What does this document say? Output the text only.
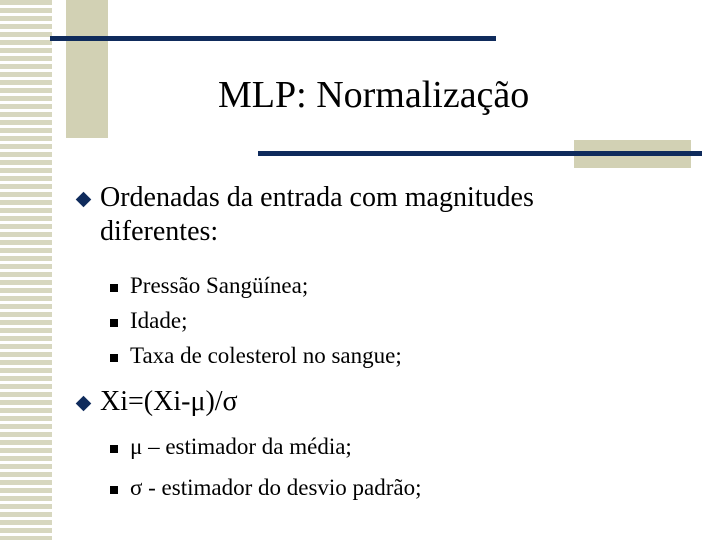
MLP: Normalização
Ordenadas da entrada com magnitudes diferentes:
Pressão Sangüínea;
Idade;
Taxa de colesterol no sangue;
Xi=(Xi-μ)/σ
μ – estimador da média;
σ - estimador do desvio padrão;
